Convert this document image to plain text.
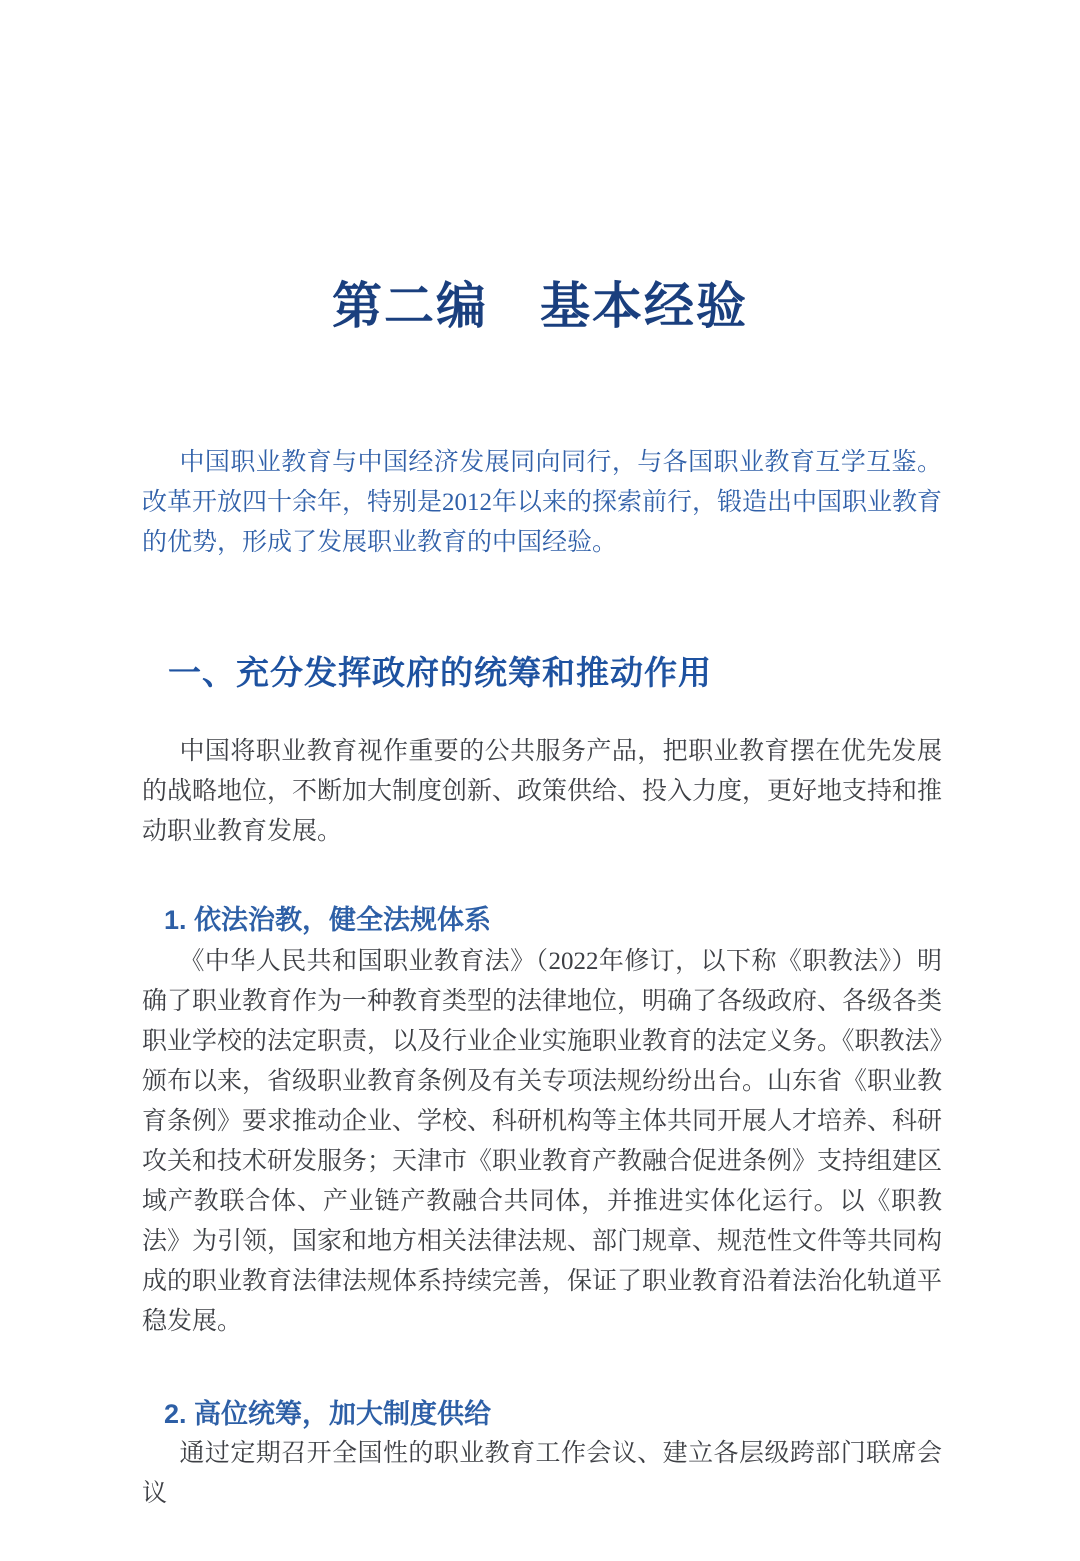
第二编　基本经验

中国职业教育与中国经济发展同向同行，与各国职业教育互学互鉴。改革开放四十余年，特别是2012年以来的探索前行，锻造出中国职业教育的优势，形成了发展职业教育的中国经验。

一、充分发挥政府的统筹和推动作用

中国将职业教育视作重要的公共服务产品，把职业教育摆在优先发展的战略地位，不断加大制度创新、政策供给、投入力度，更好地支持和推动职业教育发展。

1. 依法治教，健全法规体系

《中华人民共和国职业教育法》（2022年修订，以下称《职教法》）明确了职业教育作为一种教育类型的法律地位，明确了各级政府、各级各类职业学校的法定职责，以及行业企业实施职业教育的法定义务。《职教法》颁布以来，省级职业教育条例及有关专项法规纷纷出台。山东省《职业教育条例》要求推动企业、学校、科研机构等主体共同开展人才培养、科研攻关和技术研发服务；天津市《职业教育产教融合促进条例》支持组建区域产教联合体、产业链产教融合共同体，并推进实体化运行。以《职教法》为引领，国家和地方相关法律法规、部门规章、规范性文件等共同构成的职业教育法律法规体系持续完善，保证了职业教育沿着法治化轨道平稳发展。

2. 高位统筹，加大制度供给

通过定期召开全国性的职业教育工作会议、建立各层级跨部门联席会议
